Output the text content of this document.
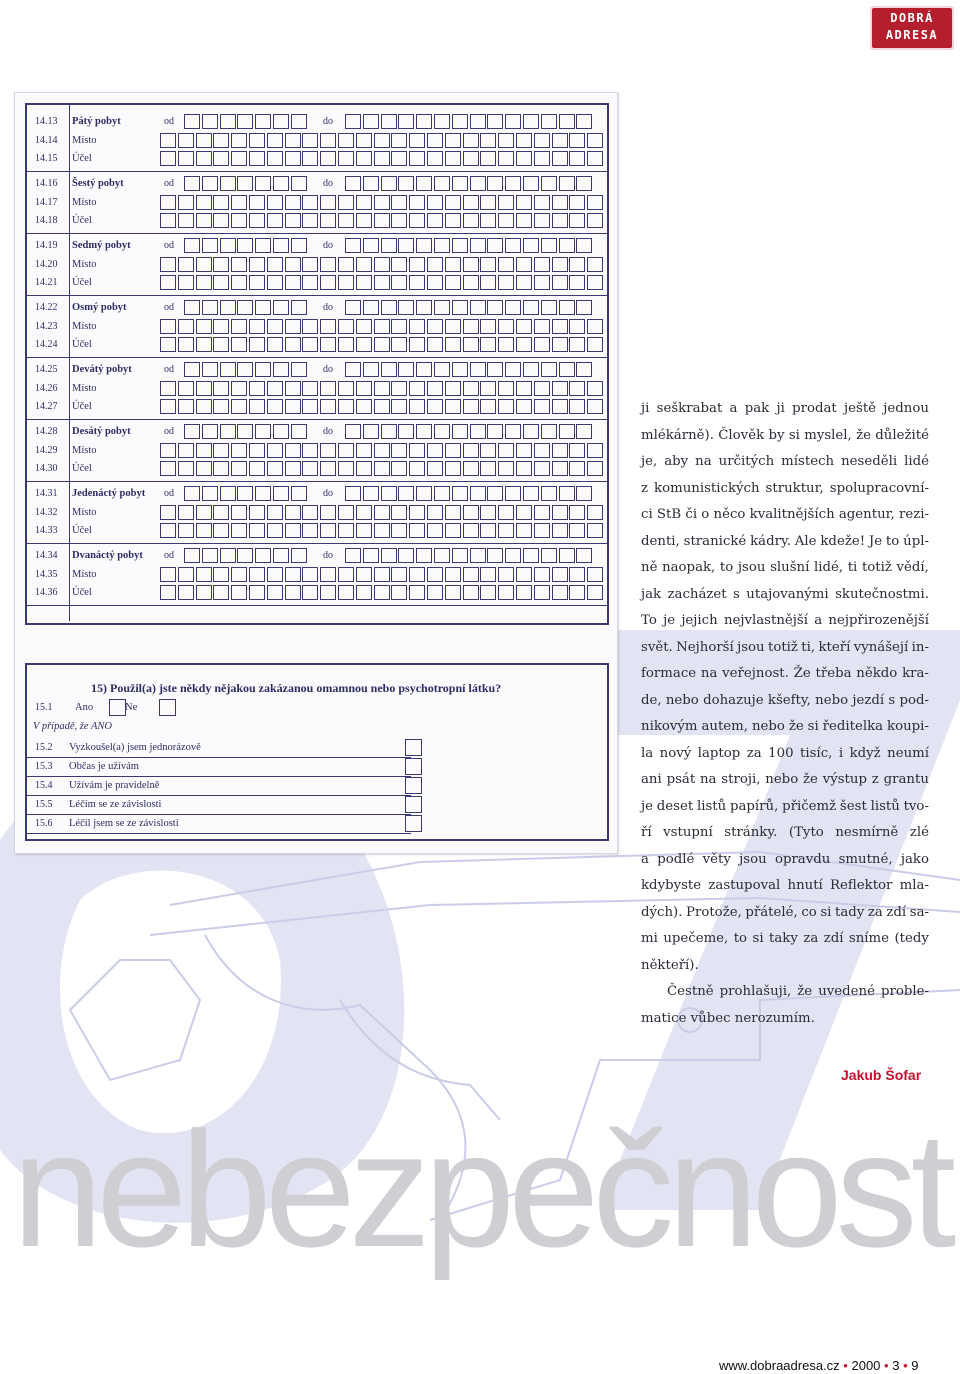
DOBRÁ
ADRESA
15) Použil(a) jste někdy nějakou zakázanou omamnou nebo psychotropní látku?
V případě, že ANO
14.13 Pátý pobyt	od	do
14.14 Místo
14.15 Účel
14.16 Šestý pobyt	od	do
14.17 Místo
14.18 Účel
14.19 Sedmý pobyt	od	do
14.20 Místo
14.21 Účel
14.22 Osmý pobyt	od	do
14.23 Místo
14.24 Účel
14.25 Devátý pobyt	od	do
14.26 Místo
14.27 Účel
14.28 Desátý pobyt	od	do
14.29 Místo
14.30 Účel
14.31 Jedenáctý pobyt od	do
14.32 Místo
14.33 Účel
14.34 Dvanáctý pobyt od	do
14.35 Místo
14.36 Účel
15.1 Ano	Ne
15.2 Vyzkoušel(a) jsem jednorázově
15.3 Občas je užívám
15.4 Užívám je pravidelně
15.5 Léčím se ze závislosti
15.6 Léčil jsem se ze závislosti
ji seškrabat a pak ji prodat ještě jednou
mlékárně). Člověk by si myslel, že důležité
je, aby na určitých místech neseděli lidé
z komunistických struktur, spolupracovní-
ci StB či o něco kvalitnějších agentur, rezi-
denti, stranické kádry. Ale kdeže! Je to úpl-
ně naopak, to jsou slušní lidé, ti totiž vědí,
jak zacházet s utajovanými skutečnostmi.
To je jejich nejvlastnější a nejpřirozenější
svět. Nejhorší jsou totiž ti, kteří vynášejí in-
formace na veřejnost. Že třeba někdo kra-
de, nebo dohazuje kšefty, nebo jezdí s pod-
nikovým autem, nebo že si ředitelka koupi-
la nový laptop za 100 tisíc, i když neumí
ani psát na stroji, nebo že výstup z grantu
je deset listů papírů, přičemž šest listů tvo-
ří vstupní stránky. (Tyto nesmírně zlé
a podlé věty jsou opravdu smutné, jako
kdybyste zastupoval hnutí Reflektor mla-
dých). Protože, přátelé, co si tady za zdí sa-
mi upečeme, to si taky za zdí sníme (tedy
někteří).
Čestně prohlašuji, že uvedené proble-
matice vůbec nerozumím.
Jakub Šofar
nebezpečnost
www.dobraadresa.cz • 2000 • 3 • 9
